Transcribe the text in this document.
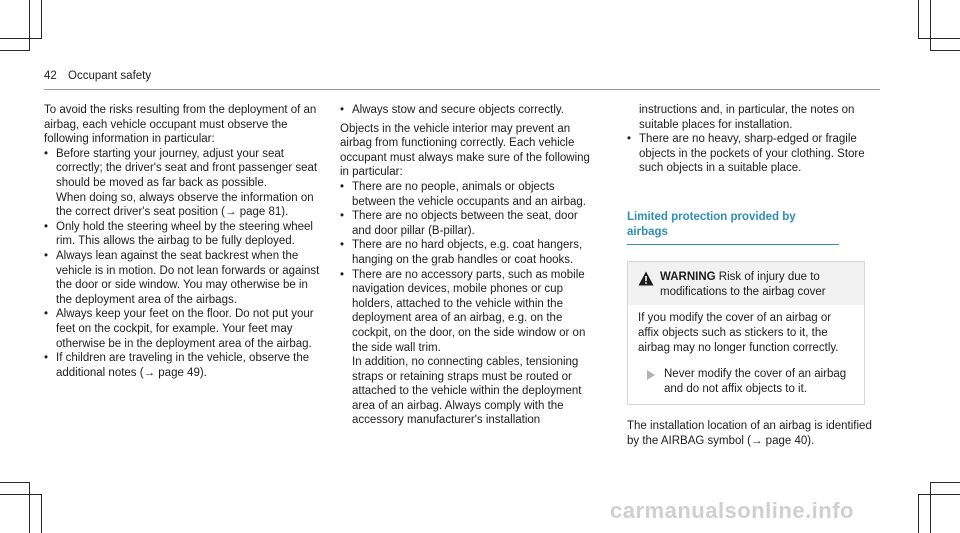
42 Occupant safety

To avoid the risks resulting from the deployment of an airbag, each vehicle occupant must observe the following information in particular:

• Before starting your journey, adjust your seat correctly; the driver's seat and front passenger seat should be moved as far back as possible.

When doing so, always observe the information on the correct driver's seat position (→ page 81).

• Only hold the steering wheel by the steering wheel rim. This allows the airbag to be fully deployed.
• Always lean against the seat backrest when the vehicle is in motion. Do not lean forwards or against the door or side window. You may otherwise be in the deployment area of the airbags.
• Always keep your feet on the floor. Do not put your feet on the cockpit, for example. Your feet may otherwise be in the deployment area of the airbag.
• If children are traveling in the vehicle, observe the additional notes (→ page 49).
• Always stow and secure objects correctly.

Objects in the vehicle interior may prevent an airbag from functioning correctly. Each vehicle occupant must always make sure of the following in particular:

• There are no people, animals or objects between the vehicle occupants and an airbag.
• There are no objects between the seat, door and door pillar (B-pillar).
• There are no hard objects, e.g. coat hangers, hanging on the grab handles or coat hooks.
• There are no accessory parts, such as mobile navigation devices, mobile phones or cup holders, attached to the vehicle within the deployment area of an airbag, e.g. on the cockpit, on the door, on the side window or on the side wall trim.

In addition, no connecting cables, tensioning straps or retaining straps must be routed or attached to the vehicle within the deployment area of an airbag. Always comply with the accessory manufacturer's installation

instructions and, in particular, the notes on suitable places for installation.

• There are no heavy, sharp-edged or fragile objects in the pockets of your clothing. Store such objects in a suitable place.
Limited protection provided by airbags
WARNING Risk of injury due to modifications to the airbag cover

If you modify the cover of an airbag or affix objects such as stickers to it, the airbag may no longer function correctly.

Never modify the cover of an airbag and do not affix objects to it.

The installation location of an airbag is identified by the AIRBAG symbol (→ page 40).

carmanualsonline.info
